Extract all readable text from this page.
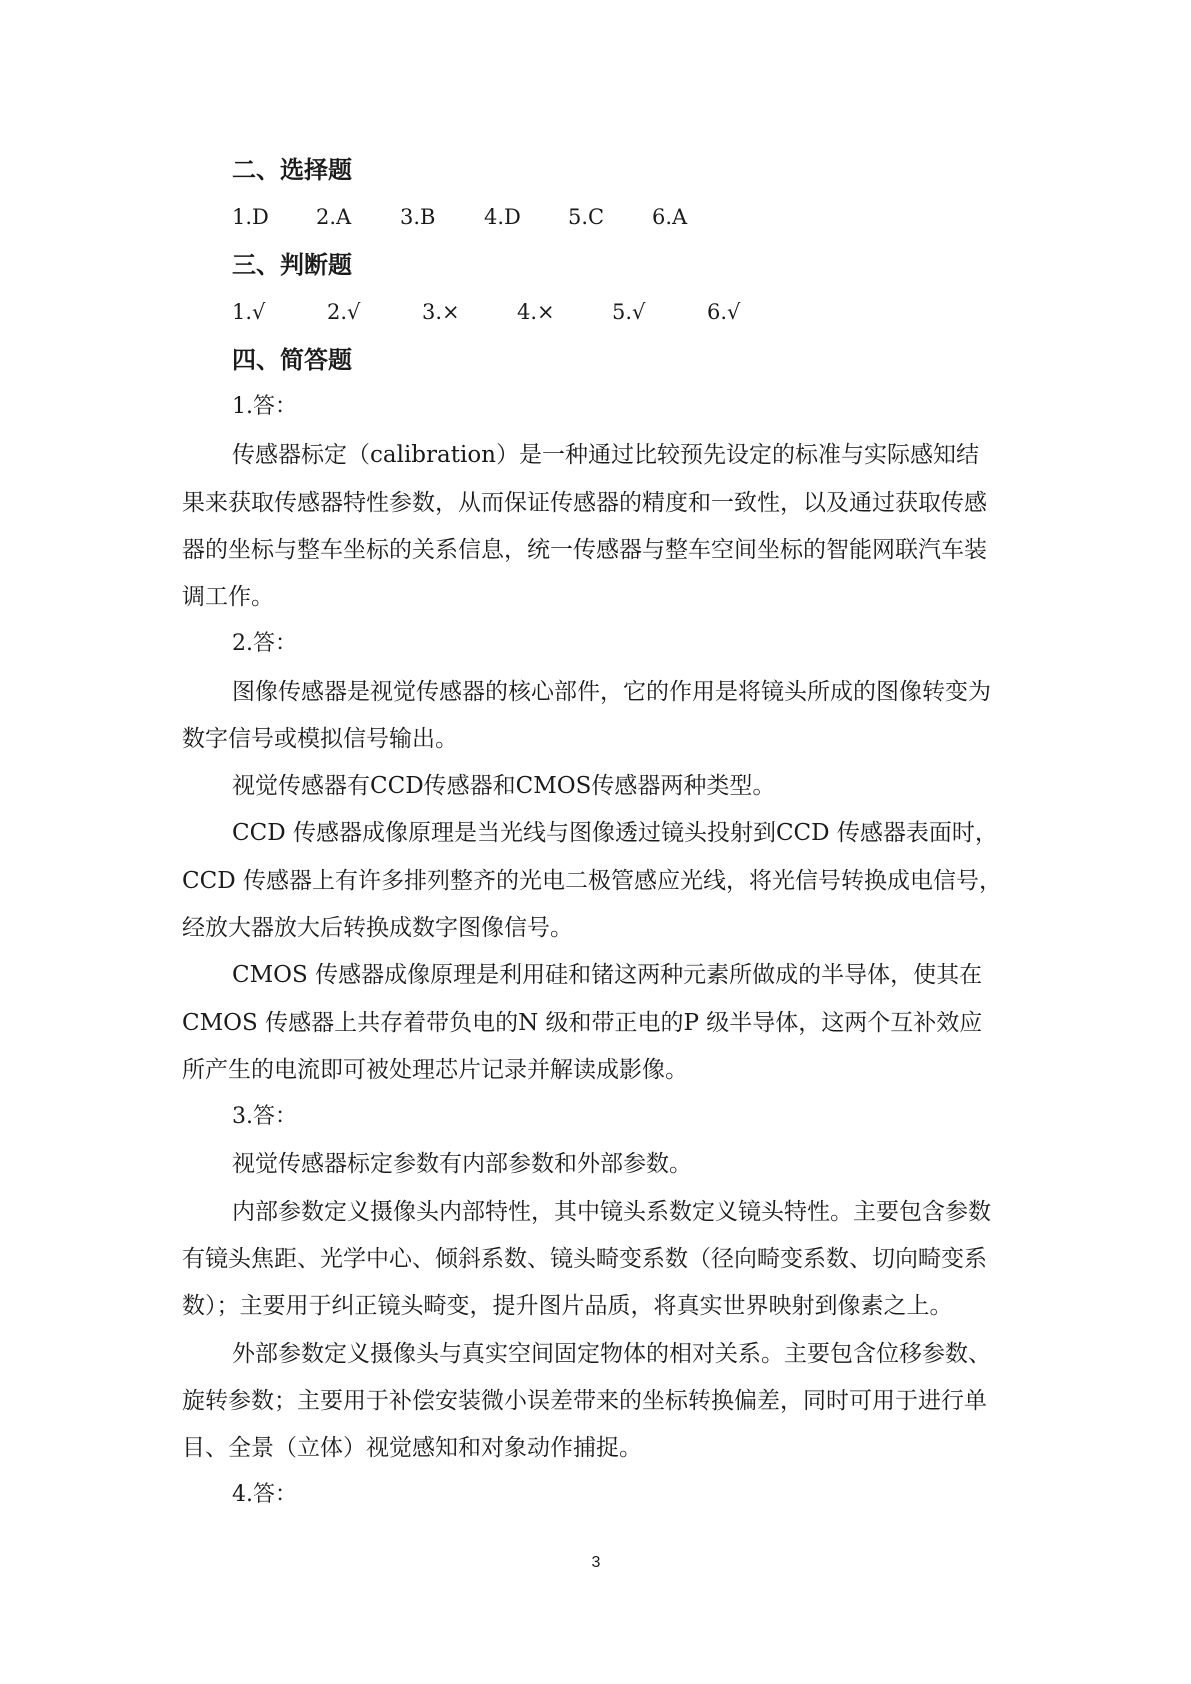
二、选择题
1.D 2.A 3.B 4.D 5.C 6.A
三、判断题
1.√	2.√	3.×	4.×	5.√	6.√
四、简答题
1.答：
传感器标定（calibration）是一种通过比较预先设定的标准与实际感知结
果来获取传感器特性参数，从而保证传感器的精度和一致性，以及通过获取传感
器的坐标与整车坐标的关系信息，统一传感器与整车空间坐标的智能网联汽车装
调工作。
2.答：
图像传感器是视觉传感器的核心部件，它的作用是将镜头所成的图像转变为
数字信号或模拟信号输出。
视觉传感器有CCD传感器和CMOS传感器两种类型。
CCD 传感器成像原理是当光线与图像透过镜头投射到CCD 传感器表面时，
CCD 传感器上有许多排列整齐的光电二极管感应光线，将光信号转换成电信号，
经放大器放大后转换成数字图像信号。
CMOS 传感器成像原理是利用硅和锗这两种元素所做成的半导体，使其在
CMOS 传感器上共存着带负电的N 级和带正电的P 级半导体，这两个互补效应
所产生的电流即可被处理芯片记录并解读成影像。
3.答：
视觉传感器标定参数有内部参数和外部参数。
内部参数定义摄像头内部特性，其中镜头系数定义镜头特性。主要包含参数
有镜头焦距、光学中心、倾斜系数、镜头畸变系数（径向畸变系数、切向畸变系
数）；主要用于纠正镜头畸变，提升图片品质，将真实世界映射到像素之上。
外部参数定义摄像头与真实空间固定物体的相对关系。主要包含位移参数、
旋转参数；主要用于补偿安装微小误差带来的坐标转换偏差，同时可用于进行单
目、全景（立体）视觉感知和对象动作捕捉。
4.答：
3
